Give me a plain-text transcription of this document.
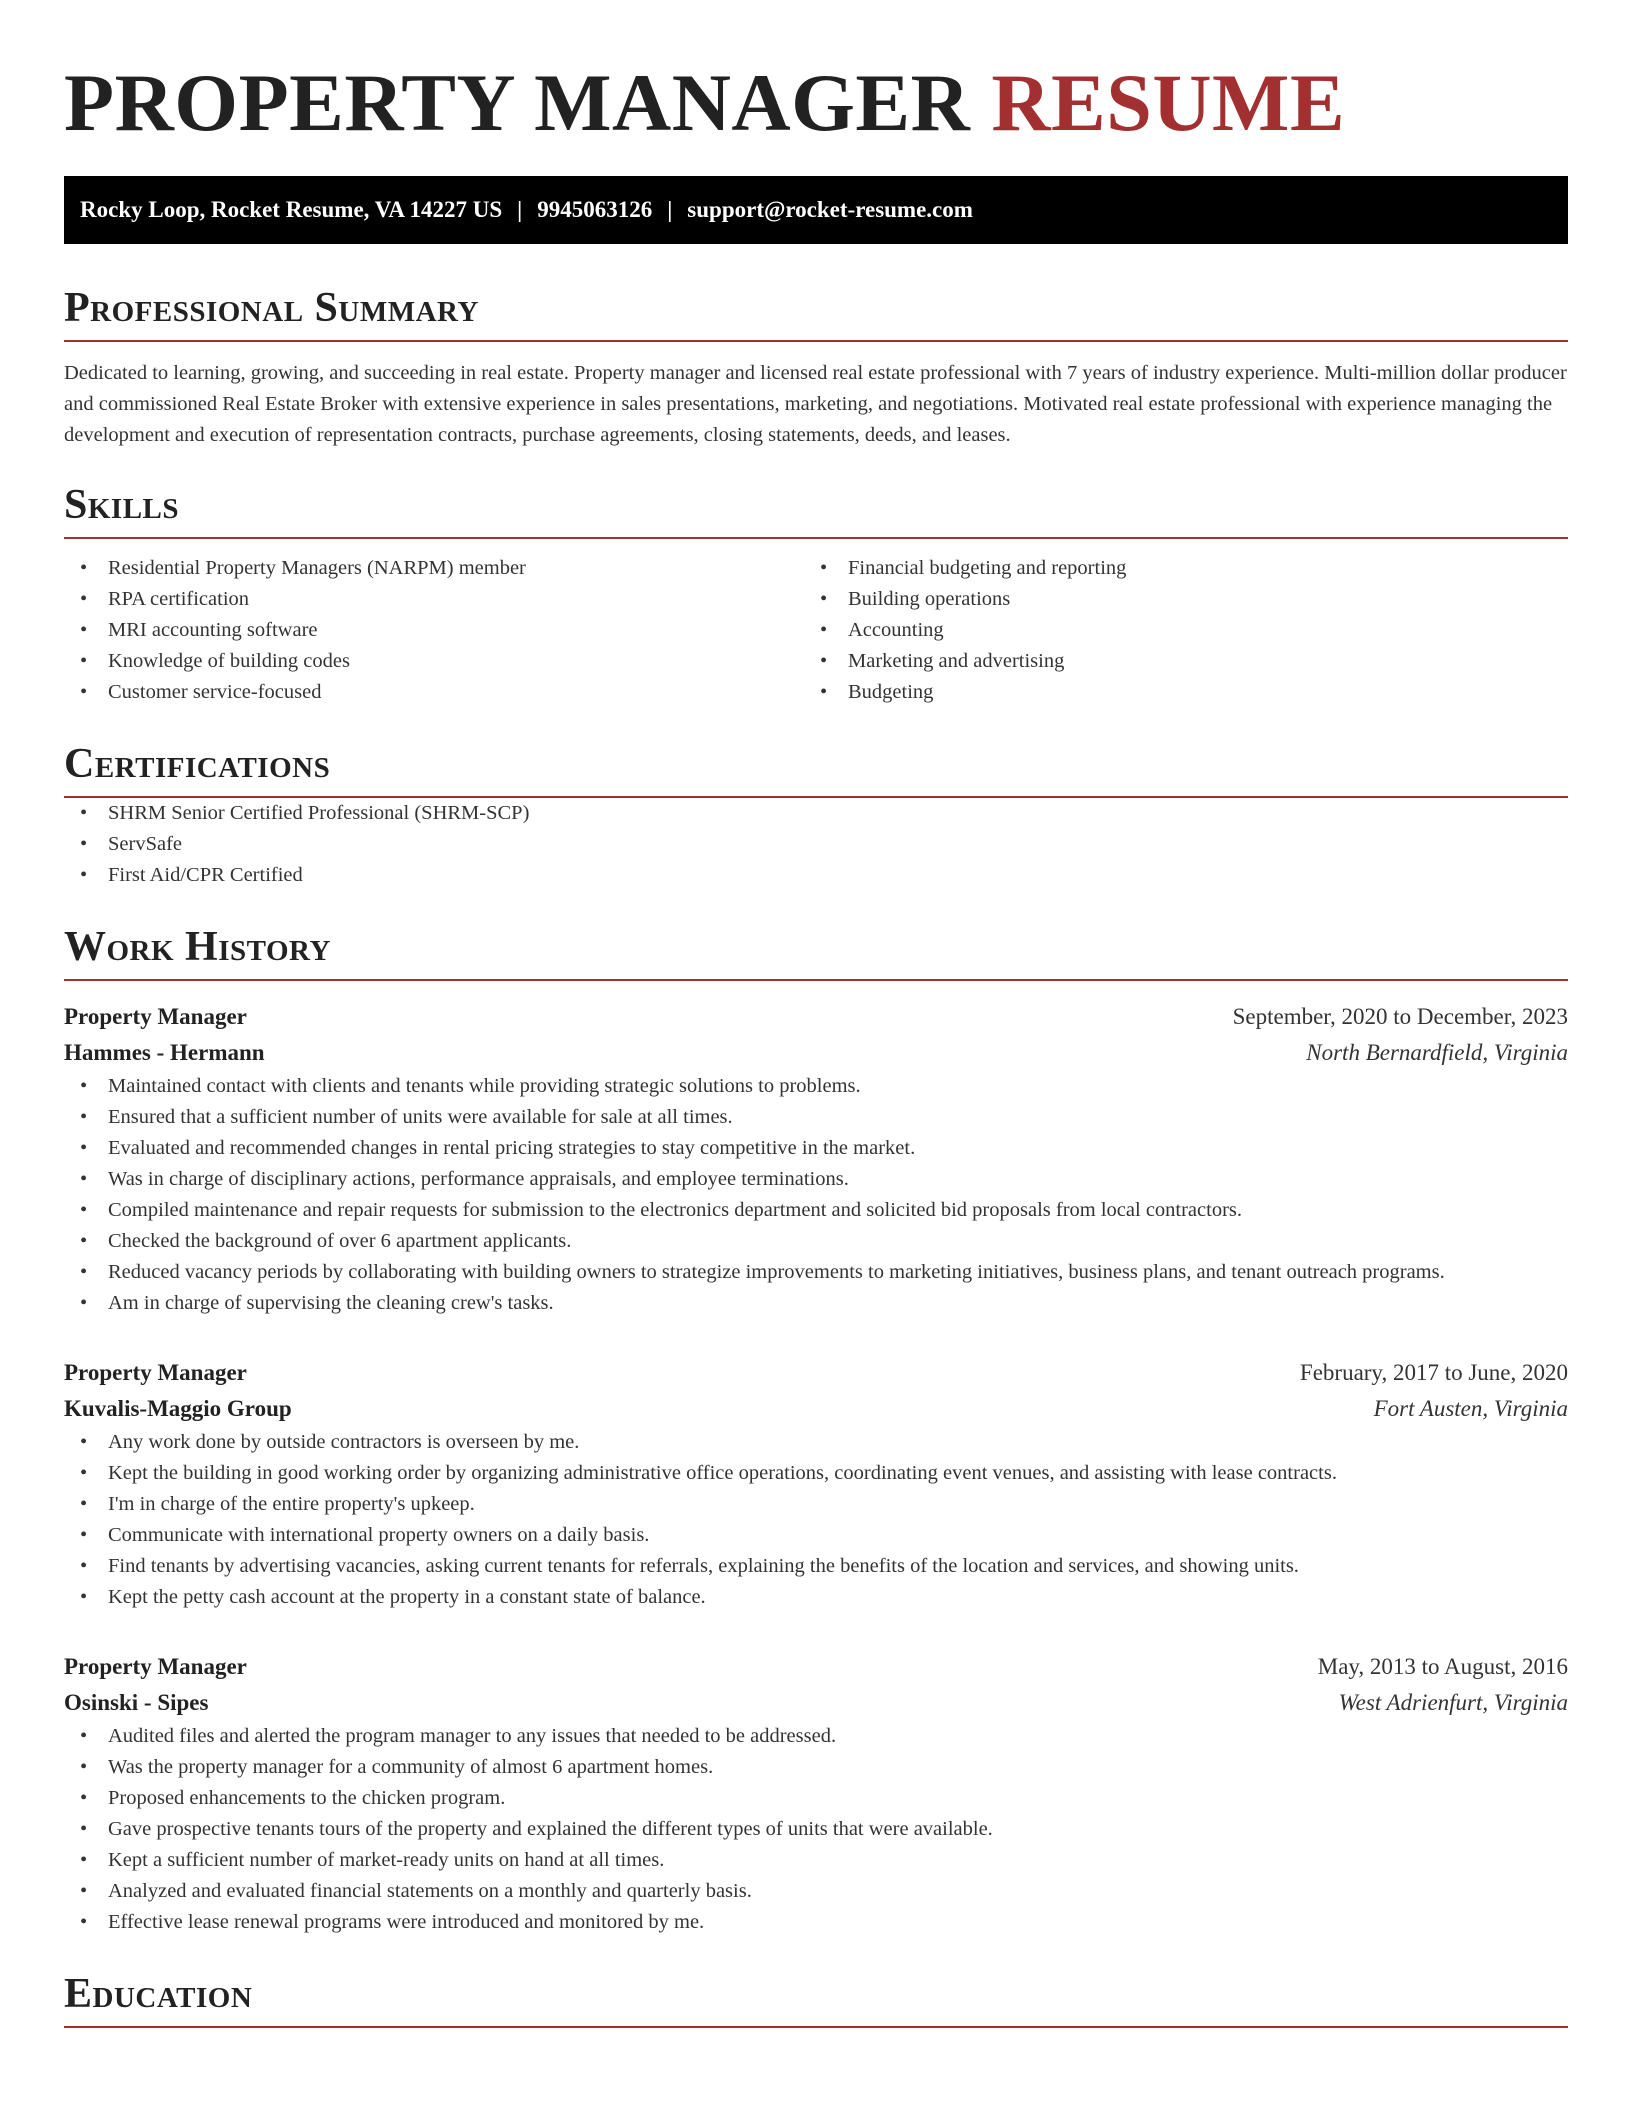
PROPERTY MANAGER RESUME
Rocky Loop, Rocket Resume, VA 14227 US | 9945063126 | support@rocket-resume.com
Professional Summary

Dedicated to learning, growing, and succeeding in real estate. Property manager and licensed real estate professional with 7 years of industry experience. Multi-million dollar producer and commissioned Real Estate Broker with extensive experience in sales presentations, marketing, and negotiations. Motivated real estate professional with experience managing the development and execution of representation contracts, purchase agreements, closing statements, deeds, and leases.

Skills
• Residential Property Managers (NARPM) member
• RPA certification
• MRI accounting software
• Knowledge of building codes
• Customer service-focused
• Financial budgeting and reporting
• Building operations
• Accounting
• Marketing and advertising
• Budgeting
Certifications
• SHRM Senior Certified Professional (SHRM-SCP)
• ServSafe
• First Aid/CPR Certified
Work History
Property Manager	September, 2020 to December, 2023
Hammes - Hermann	North Bernardfield, Virginia
• Maintained contact with clients and tenants while providing strategic solutions to problems.
• Ensured that a sufficient number of units were available for sale at all times.
• Evaluated and recommended changes in rental pricing strategies to stay competitive in the market.
• Was in charge of disciplinary actions, performance appraisals, and employee terminations.
• Compiled maintenance and repair requests for submission to the electronics department and solicited bid proposals from local contractors.
• Checked the background of over 6 apartment applicants.
• Reduced vacancy periods by collaborating with building owners to strategize improvements to marketing initiatives, business plans, and tenant outreach programs.
• Am in charge of supervising the cleaning crew's tasks.
Property Manager	February, 2017 to June, 2020
Kuvalis-Maggio Group	Fort Austen, Virginia
• Any work done by outside contractors is overseen by me.
• Kept the building in good working order by organizing administrative office operations, coordinating event venues, and assisting with lease contracts.
• I'm in charge of the entire property's upkeep.
• Communicate with international property owners on a daily basis.
• Find tenants by advertising vacancies, asking current tenants for referrals, explaining the benefits of the location and services, and showing units.
• Kept the petty cash account at the property in a constant state of balance.
Property Manager	May, 2013 to August, 2016
Osinski - Sipes	West Adrienfurt, Virginia
• Audited files and alerted the program manager to any issues that needed to be addressed.
• Was the property manager for a community of almost 6 apartment homes.
• Proposed enhancements to the chicken program.
• Gave prospective tenants tours of the property and explained the different types of units that were available.
• Kept a sufficient number of market-ready units on hand at all times.
• Analyzed and evaluated financial statements on a monthly and quarterly basis.
• Effective lease renewal programs were introduced and monitored by me.
Education
